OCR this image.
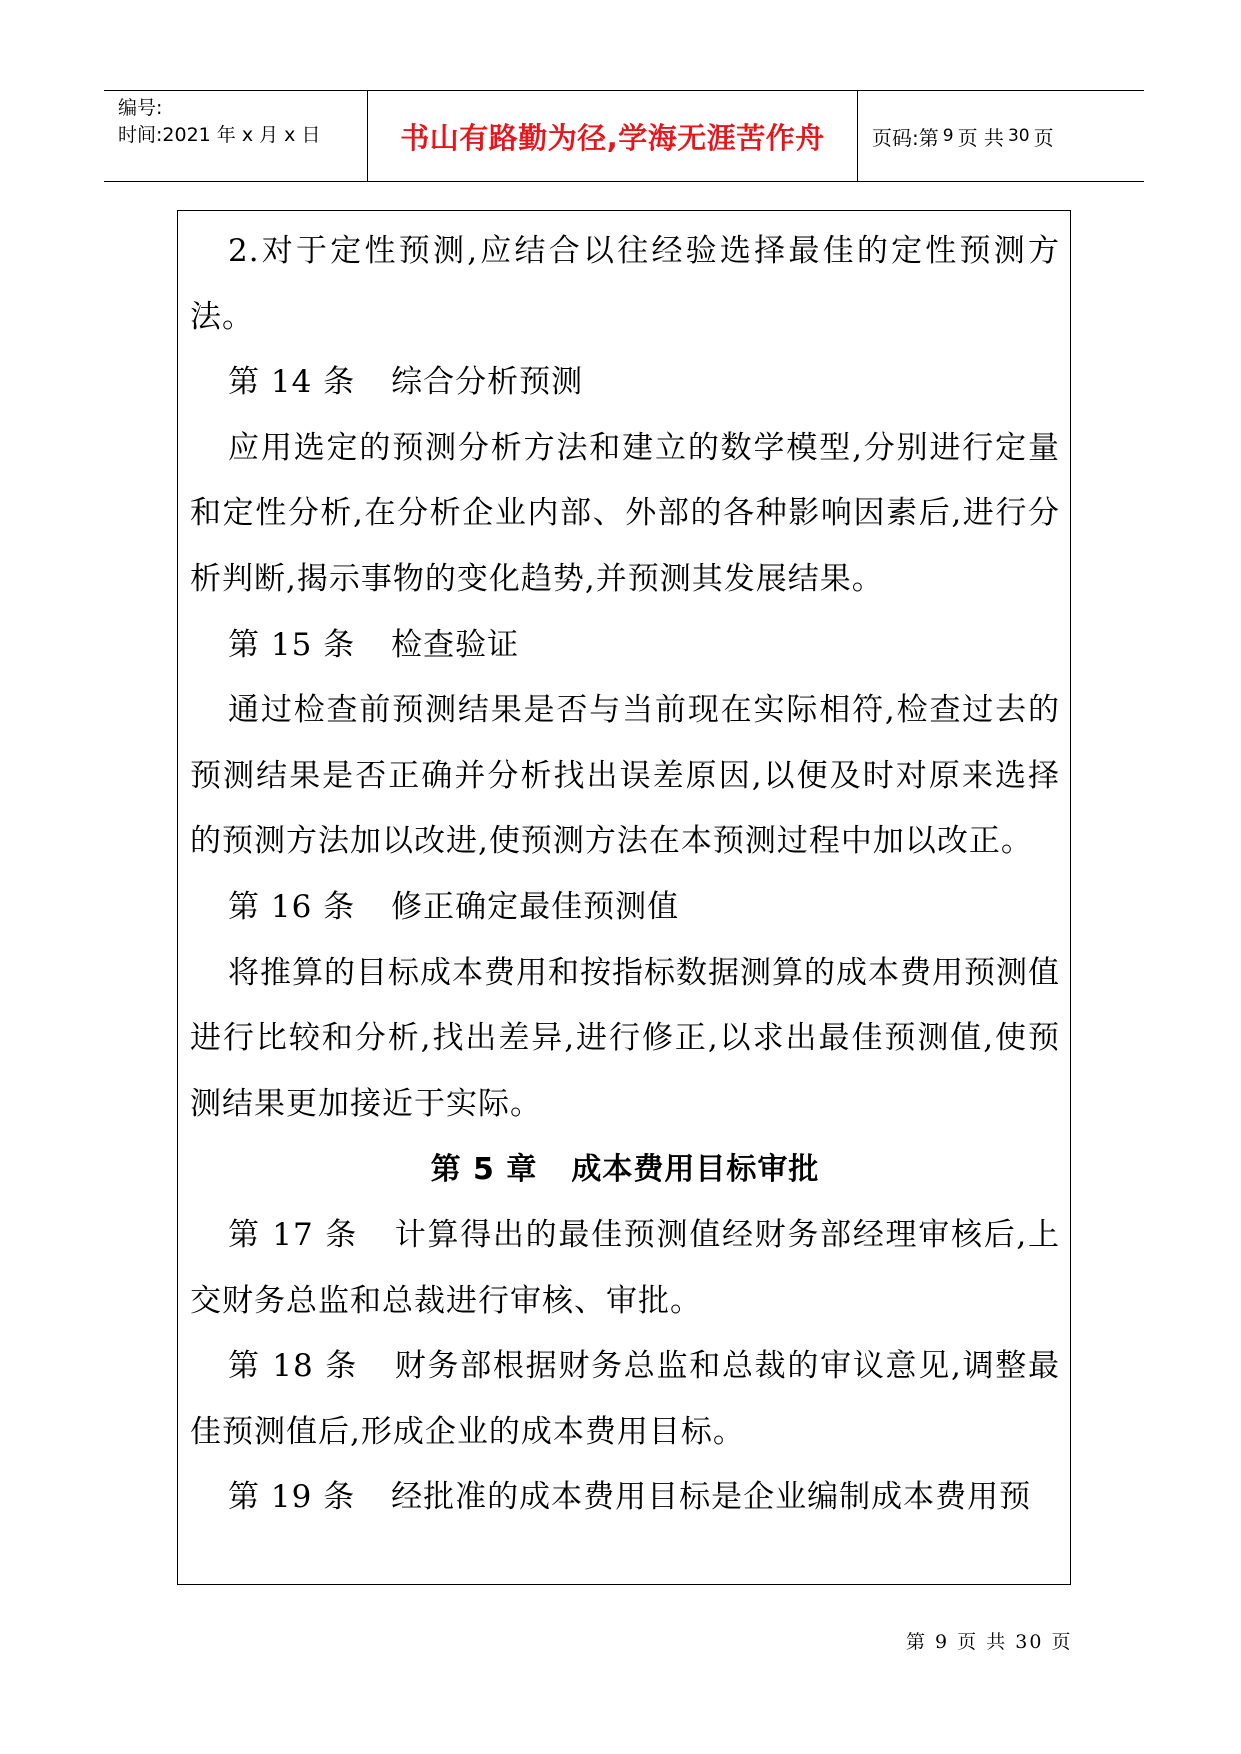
编号:
时间:2021 年 x 月 x 日	书山有路勤为径,学海无涯苦作舟	页码:第 9 页 共 30 页

2.对于定性预测,应结合以往经验选择最佳的定性预测方法。

第 14 条 综合分析预测

应用选定的预测分析方法和建立的数学模型,分别进行定量和定性分析,在分析企业内部、外部的各种影响因素后,进行分析判断,揭示事物的变化趋势,并预测其发展结果。

第 15 条 检查验证

通过检查前预测结果是否与当前现在实际相符,检查过去的预测结果是否正确并分析找出误差原因,以便及时对原来选择的预测方法加以改进,使预测方法在本预测过程中加以改正。

第 16 条 修正确定最佳预测值

将推算的目标成本费用和按指标数据测算的成本费用预测值进行比较和分析,找出差异,进行修正,以求出最佳预测值,使预测结果更加接近于实际。

第 5 章 成本费用目标审批

第 17 条 计算得出的最佳预测值经财务部经理审核后,上交财务总监和总裁进行审核、审批。

第 18 条 财务部根据财务总监和总裁的审议意见,调整最佳预测值后,形成企业的成本费用目标。

第 19 条 经批准的成本费用目标是企业编制成本费用预

第 9 页 共 30 页
